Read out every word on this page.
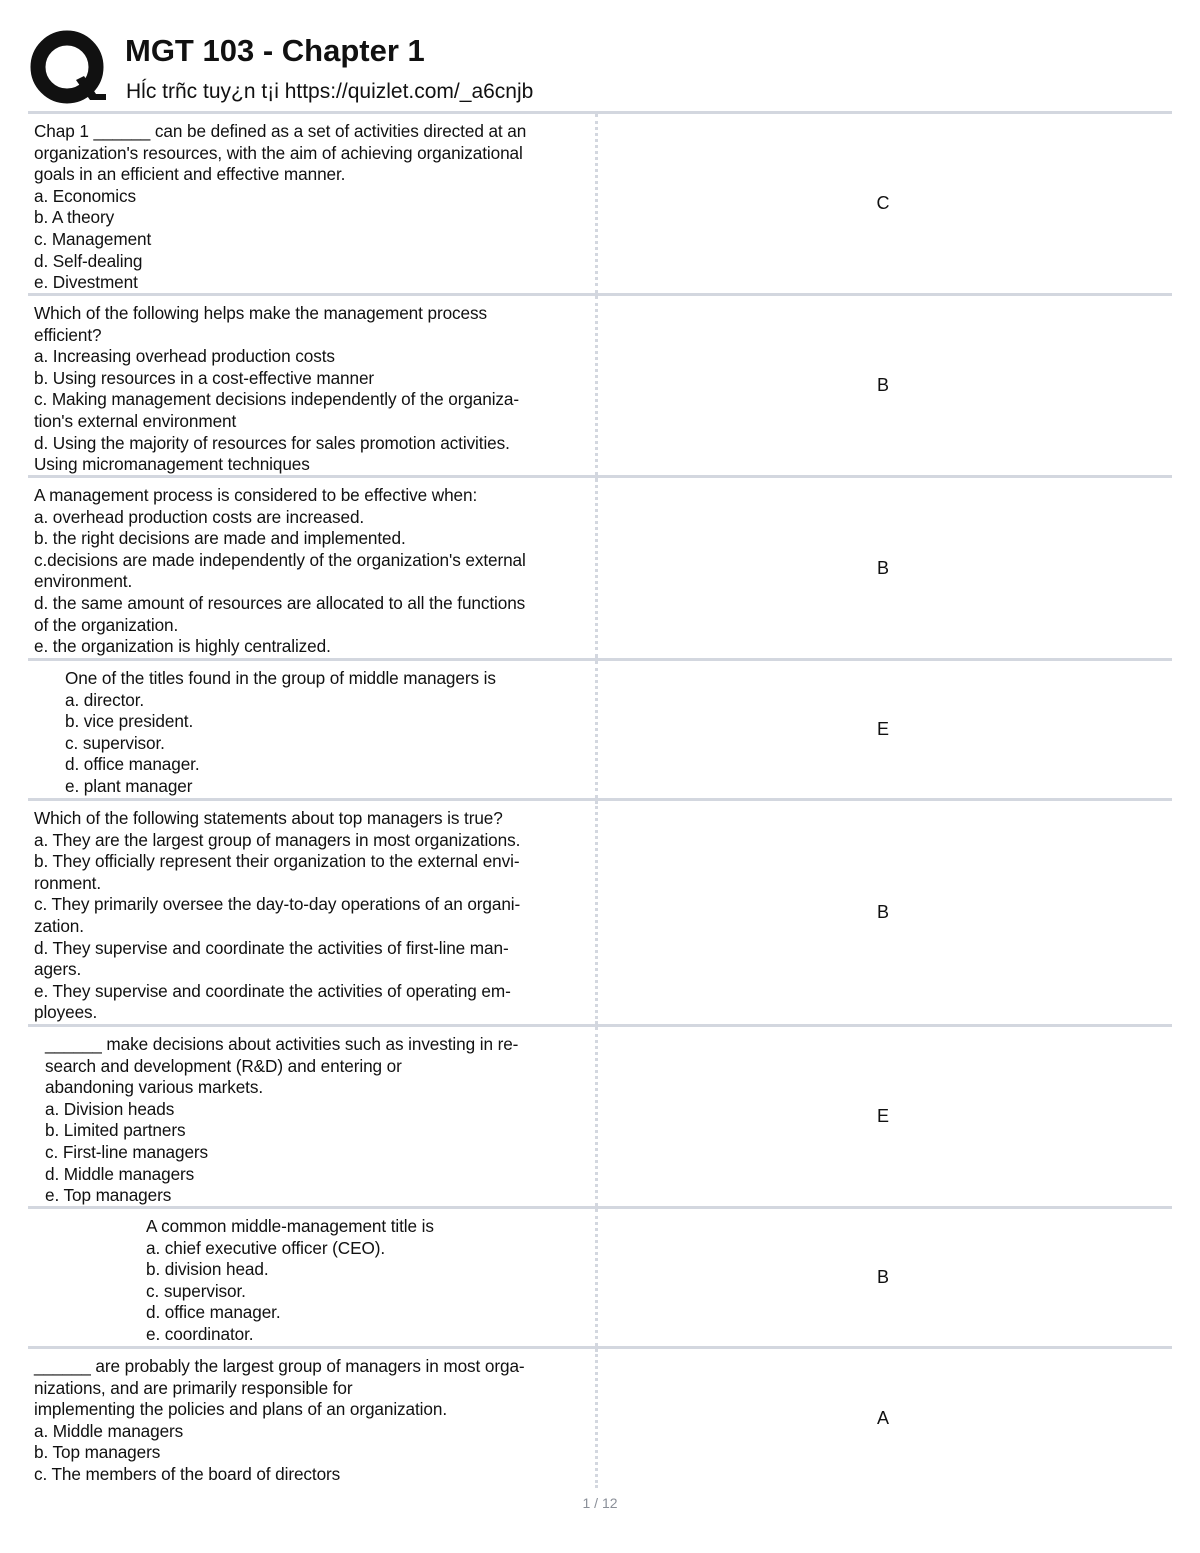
MGT 103 - Chapter 1
Hĺc trñc tuy¿n t¡i https://quizlet.com/_a6cnjb
Chap 1 ______ can be defined as a set of activities directed at an
organization's resources, with the aim of achieving organizational
goals in an efficient and effective manner.
a. Economics
b. A theory
c. Management
d. Self-dealing
e. Divestment
C
Which of the following helps make the management process
efficient?
a. Increasing overhead production costs
b. Using resources in a cost-effective manner
c. Making management decisions independently of the organiza-
tion's external environment
d. Using the majority of resources for sales promotion activities.
Using micromanagement techniques
B
A management process is considered to be effective when:
a. overhead production costs are increased.
b. the right decisions are made and implemented.
c.decisions are made independently of the organization's external
environment.
d. the same amount of resources are allocated to all the functions
of the organization.
e. the organization is highly centralized.
B
One of the titles found in the group of middle managers is
a. director.
b. vice president.
c. supervisor.
d. office manager.
e. plant manager
E
Which of the following statements about top managers is true?
a. They are the largest group of managers in most organizations.
b. They officially represent their organization to the external envi-
ronment.
c. They primarily oversee the day-to-day operations of an organi-
zation.
d. They supervise and coordinate the activities of first-line man-
agers.
e. They supervise and coordinate the activities of operating em-
ployees.
B
______ make decisions about activities such as investing in re-
search and development (R&D) and entering or
abandoning various markets.
a. Division heads
b. Limited partners
c. First-line managers
d. Middle managers
e. Top managers
E
A common middle-management title is
a. chief executive officer (CEO).
b. division head.
c. supervisor.
d. office manager.
e. coordinator.
B
______ are probably the largest group of managers in most orga-
nizations, and are primarily responsible for
implementing the policies and plans of an organization.
a. Middle managers
b. Top managers
c. The members of the board of directors
A
1 / 12
